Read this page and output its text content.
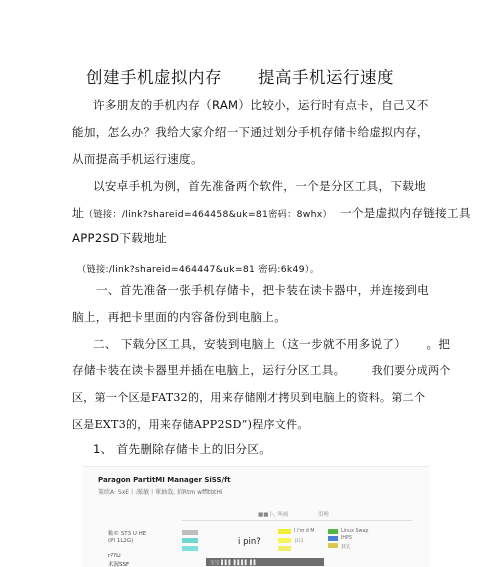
创建手机虚拟内存 提高手机运行速度
许多朋友的手机内存（RAM）比较小，运行时有点卡，自己又不
能加，怎么办？我给大家介绍一下通过划分手机存储卡给虚拟内存，
从而提高手机运行速度。
以安卓手机为例，首先准备两个软件，一个是分区工具，下载地
址（链接：/link?shareid=464458&uk=81密码：8whx） 一个是虚拟内存链接工具
APP2SD下载地址
（链接:/link?shareid=464447&uk=81 密码:6k49）。
一、首先准备一张手机存储卡，把卡装在读卡器中，并连接到电
脑上，再把卡里面的内容备份到电脑上。
二、 下载分区工具，安装到电脑上（这一步就不用多说了） 。把
存储卡装在读卡器里并插在电脑上，运行分区工具。 我们要分成两个
区，第一个区是FAT32的，用来存储刚才拷贝到电脑上的资料。第二个
区是EXT3的，用来存储APP2SD”)程序文件。
1、 首先删除存储卡上的旧分区。
Paragon PartitMI Manager SiSS/ft
策欣A· SxE丨:脓敏丨眾抽哉, 招Rtm wffltbtHI
■■卜, 叫画	泪咐
籼© ST3 U HE
(PI 1L2G)	i pin?
I i'm d M
日日
Linux Swap
IHPS
其它
r??Li
术渥SSF	宝宝 ▌▌▌ ▌▌▌▌ ▌▌
